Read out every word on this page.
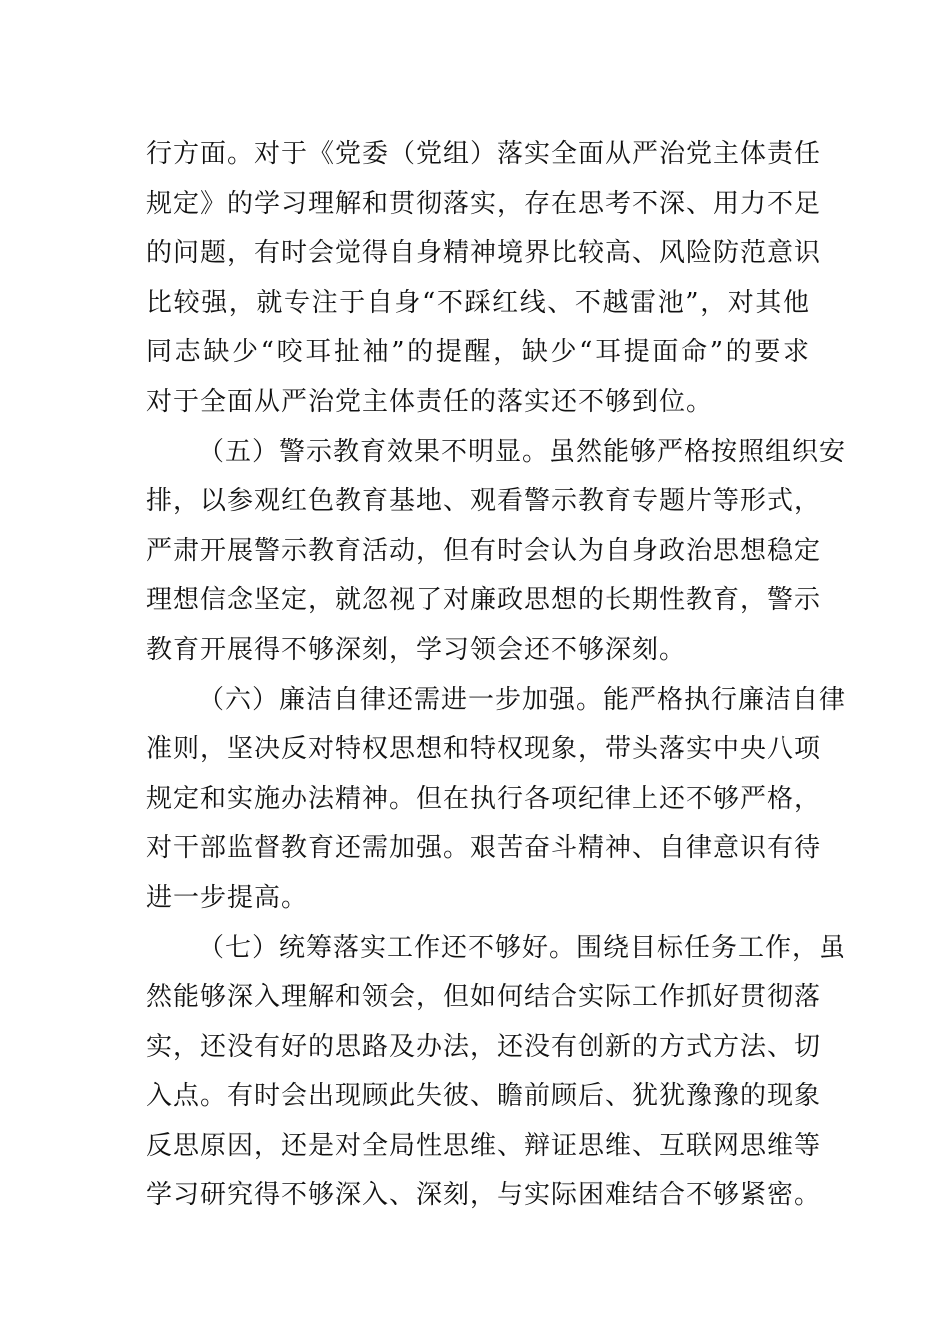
行方面。对于《党委（党组）落实全面从严治党主体责任
规定》的学习理解和贯彻落实，存在思考不深、用力不足
的问题，有时会觉得自身精神境界比较高、风险防范意识
比较强，就专注于自身“不踩红线、不越雷池”，对其他
同志缺少“咬耳扯袖”的提醒，缺少“耳提面命”的要求
对于全面从严治党主体责任的落实还不够到位。
（五）警示教育效果不明显。虽然能够严格按照组织安
排，以参观红色教育基地、观看警示教育专题片等形式，
严肃开展警示教育活动，但有时会认为自身政治思想稳定
理想信念坚定，就忽视了对廉政思想的长期性教育，警示
教育开展得不够深刻，学习领会还不够深刻。
（六）廉洁自律还需进一步加强。能严格执行廉洁自律
准则，坚决反对特权思想和特权现象，带头落实中央八项
规定和实施办法精神。但在执行各项纪律上还不够严格，
对干部监督教育还需加强。艰苦奋斗精神、自律意识有待
进一步提高。
（七）统筹落实工作还不够好。围绕目标任务工作，虽
然能够深入理解和领会，但如何结合实际工作抓好贯彻落
实，还没有好的思路及办法，还没有创新的方式方法、切
入点。有时会出现顾此失彼、瞻前顾后、犹犹豫豫的现象
反思原因，还是对全局性思维、辩证思维、互联网思维等
学习研究得不够深入、深刻，与实际困难结合不够紧密。
